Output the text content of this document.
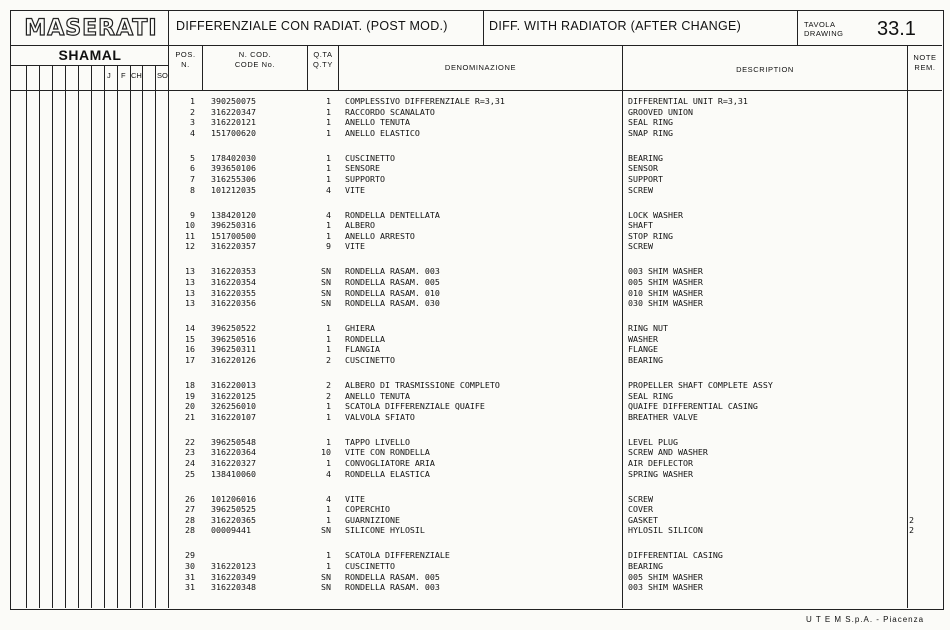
MASERATI	DIFFERENZIALE CON RADIAT. (POST MOD.)	DIFF. WITH RADIATOR (AFTER CHANGE)	TAVOLA
DRAWING 33.1
SHAMAL
J F CH SO
POS.
N.
N. COD.
CODE No.
Q.TA
Q.TY	DENOMINAZIONE	DESCRIPTION
NOTE
REM.
1 390250075	1 COMPLESSIVO DIFFERENZIALE R=3,31	DIFFERENTIAL UNIT R=3,31
2 316220347	1 RACCORDO SCANALATO	GROOVED UNION
3 316220121	1 ANELLO TENUTA	SEAL RING
4 151700620	1 ANELLO ELASTICO	SNAP RING
5 178402030	1 CUSCINETTO	BEARING
6 393650106	1 SENSORE	SENSOR
7 316255306	1 SUPPORTO	SUPPORT
8 101212035	4 VITE	SCREW
9 138420120	4 RONDELLA DENTELLATA	LOCK WASHER
10 396250316	1 ALBERO	SHAFT
11 151700500	1 ANELLO ARRESTO	STOP RING
12 316220357	9 VITE	SCREW
13 316220353	SN RONDELLA RASAM. 003	003 SHIM WASHER
13 316220354	SN RONDELLA RASAM. 005	005 SHIM WASHER
13 316220355	SN RONDELLA RASAM. 010	010 SHIM WASHER
13 316220356	SN RONDELLA RASAM. 030	030 SHIM WASHER
14 396250522	1 GHIERA	RING NUT
15 396250516	1 RONDELLA	WASHER
16 396250311	1 FLANGIA	FLANGE
17 316220126	2 CUSCINETTO	BEARING
18 316220013	2 ALBERO DI TRASMISSIONE COMPLETO	PROPELLER SHAFT COMPLETE ASSY
19 316220125	2 ANELLO TENUTA	SEAL RING
20 326256010	1 SCATOLA DIFFERENZIALE QUAIFE	QUAIFE DIFFERENTIAL CASING
21 316220107	1 VALVOLA SFIATO	BREATHER VALVE
22 396250548	1 TAPPO LIVELLO	LEVEL PLUG
23 316220364	10 VITE CON RONDELLA	SCREW AND WASHER
24 316220327	1 CONVOGLIATORE ARIA	AIR DEFLECTOR
25 138410060	4 RONDELLA ELASTICA	SPRING WASHER
26 101206016	4 VITE	SCREW
27 396250525	1 COPERCHIO	COVER
28 316220365	1 GUARNIZIONE	GASKET	2
28 00009441	SN SILICONE HYLOSIL	HYLOSIL SILICON	2
29	1 SCATOLA DIFFERENZIALE	DIFFERENTIAL CASING
30 316220123	1 CUSCINETTO	BEARING
31 316220349	SN RONDELLA RASAM. 005	005 SHIM WASHER
31 316220348	SN RONDELLA RASAM. 003	003 SHIM WASHER
U T E M S.p.A. - Piacenza
